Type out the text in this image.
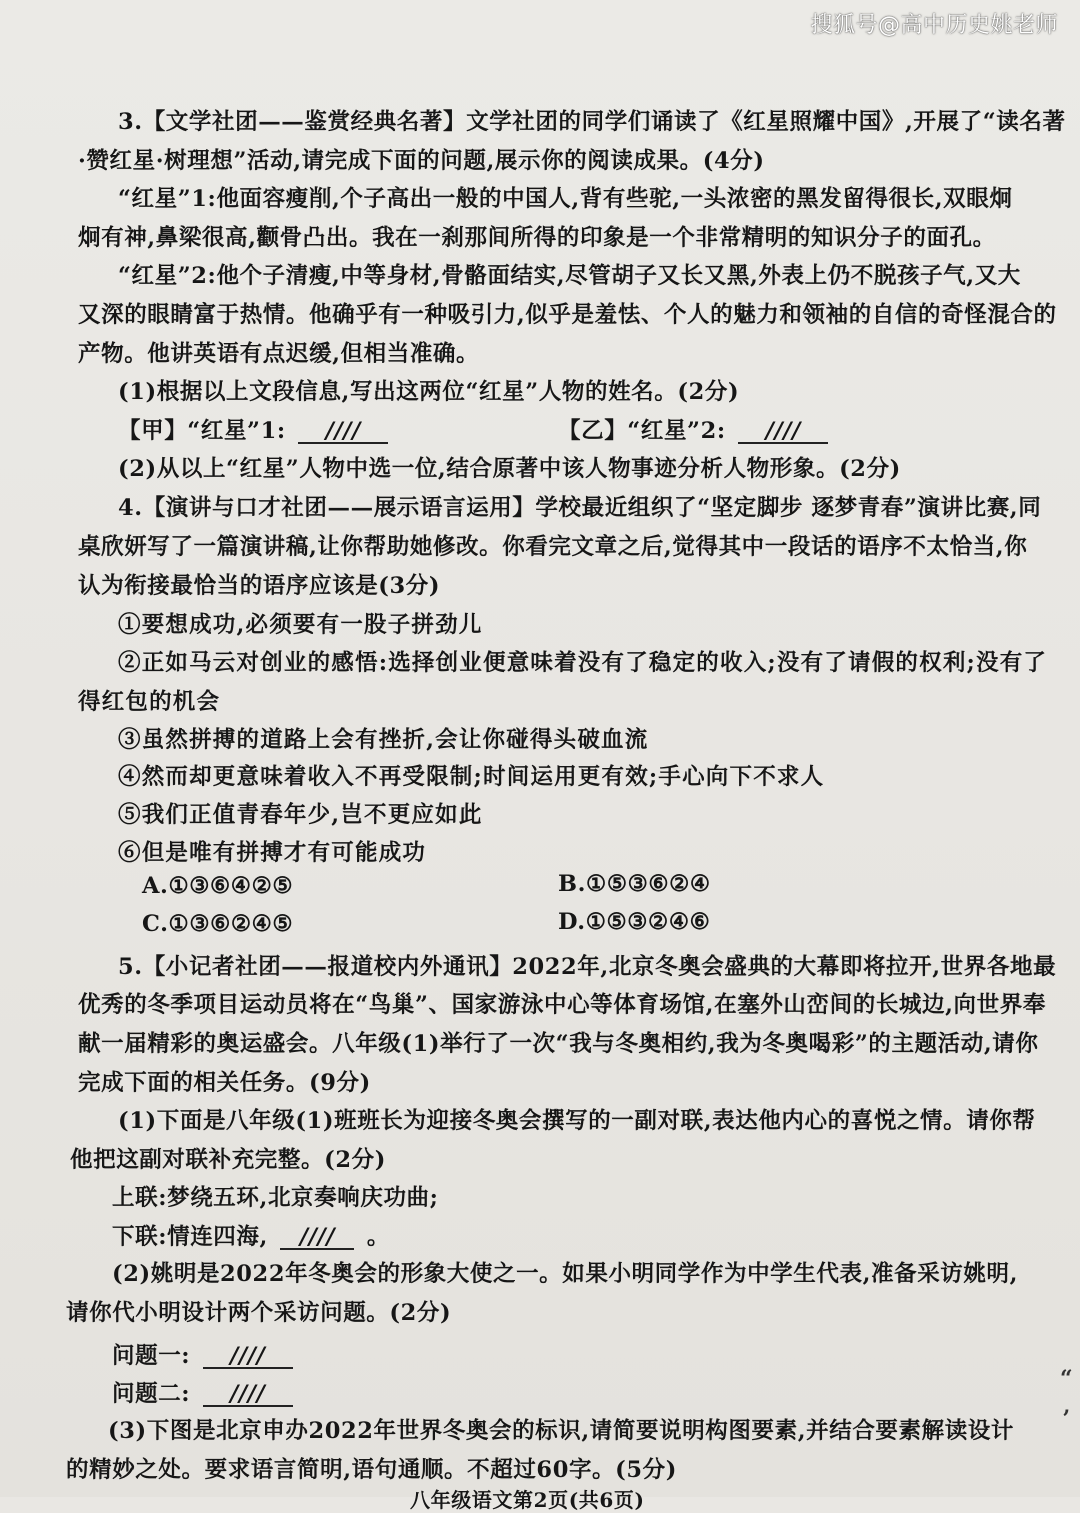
搜狐号@高中历史姚老师
3.【文学社团——鉴赏经典名著】文学社团的同学们诵读了《红星照耀中国》,开展了“读名著
·赞红星·树理想”活动,请完成下面的问题,展示你的阅读成果。(4分)
“红星”1:他面容瘦削,个子高出一般的中国人,背有些驼,一头浓密的黑发留得很长,双眼炯
炯有神,鼻梁很高,颧骨凸出。我在一刹那间所得的印象是一个非常精明的知识分子的面孔。
“红星”2:他个子清瘦,中等身材,骨骼面结实,尽管胡子又长又黑,外表上仍不脱孩子气,又大
又深的眼睛富于热情。他确乎有一种吸引力,似乎是羞怯、个人的魅力和领袖的自信的奇怪混合的
产物。他讲英语有点迟缓,但相当准确。
(1)根据以上文段信息,写出这两位“红星”人物的姓名。(2分)
【甲】“红星”1: ////	【乙】“红星”2: ////
(2)从以上“红星”人物中选一位,结合原著中该人物事迹分析人物形象。(2分)
4.【演讲与口才社团——展示语言运用】学校最近组织了“坚定脚步 逐梦青春”演讲比赛,同
桌欣妍写了一篇演讲稿,让你帮助她修改。你看完文章之后,觉得其中一段话的语序不太恰当,你
认为衔接最恰当的语序应该是(3分)
①要想成功,必须要有一股子拼劲儿
②正如马云对创业的感悟:选择创业便意味着没有了稳定的收入;没有了请假的权利;没有了
得红包的机会
③虽然拼搏的道路上会有挫折,会让你碰得头破血流
④然而却更意味着收入不再受限制;时间运用更有效;手心向下不求人
⑤我们正值青春年少,岂不更应如此
⑥但是唯有拼搏才有可能成功
A.①③⑥④②⑤	B.①⑤③⑥②④
C.①③⑥②④⑤	D.①⑤③②④⑥
5.【小记者社团——报道校内外通讯】2022年,北京冬奥会盛典的大幕即将拉开,世界各地最
优秀的冬季项目运动员将在“鸟巢”、国家游泳中心等体育场馆,在塞外山峦间的长城边,向世界奉
献一届精彩的奥运盛会。八年级(1)举行了一次“我与冬奥相约,我为冬奥喝彩”的主题活动,请你
完成下面的相关任务。(9分)
(1)下面是八年级(1)班班长为迎接冬奥会撰写的一副对联,表达他内心的喜悦之情。请你帮
他把这副对联补充完整。(2分)
上联:梦绕五环,北京奏响庆功曲;
下联:情连四海, //// 。
(2)姚明是2022年冬奥会的形象大使之一。如果小明同学作为中学生代表,准备采访姚明,
请你代小明设计两个采访问题。(2分)
问题一: ////
问题二: ////
(3)下图是北京申办2022年世界冬奥会的标识,请简要说明构图要素,并结合要素解读设计
的精妙之处。要求语言简明,语句通顺。不超过60字。(5分)
八年级语文第2页(共6页)
“
ʼ
